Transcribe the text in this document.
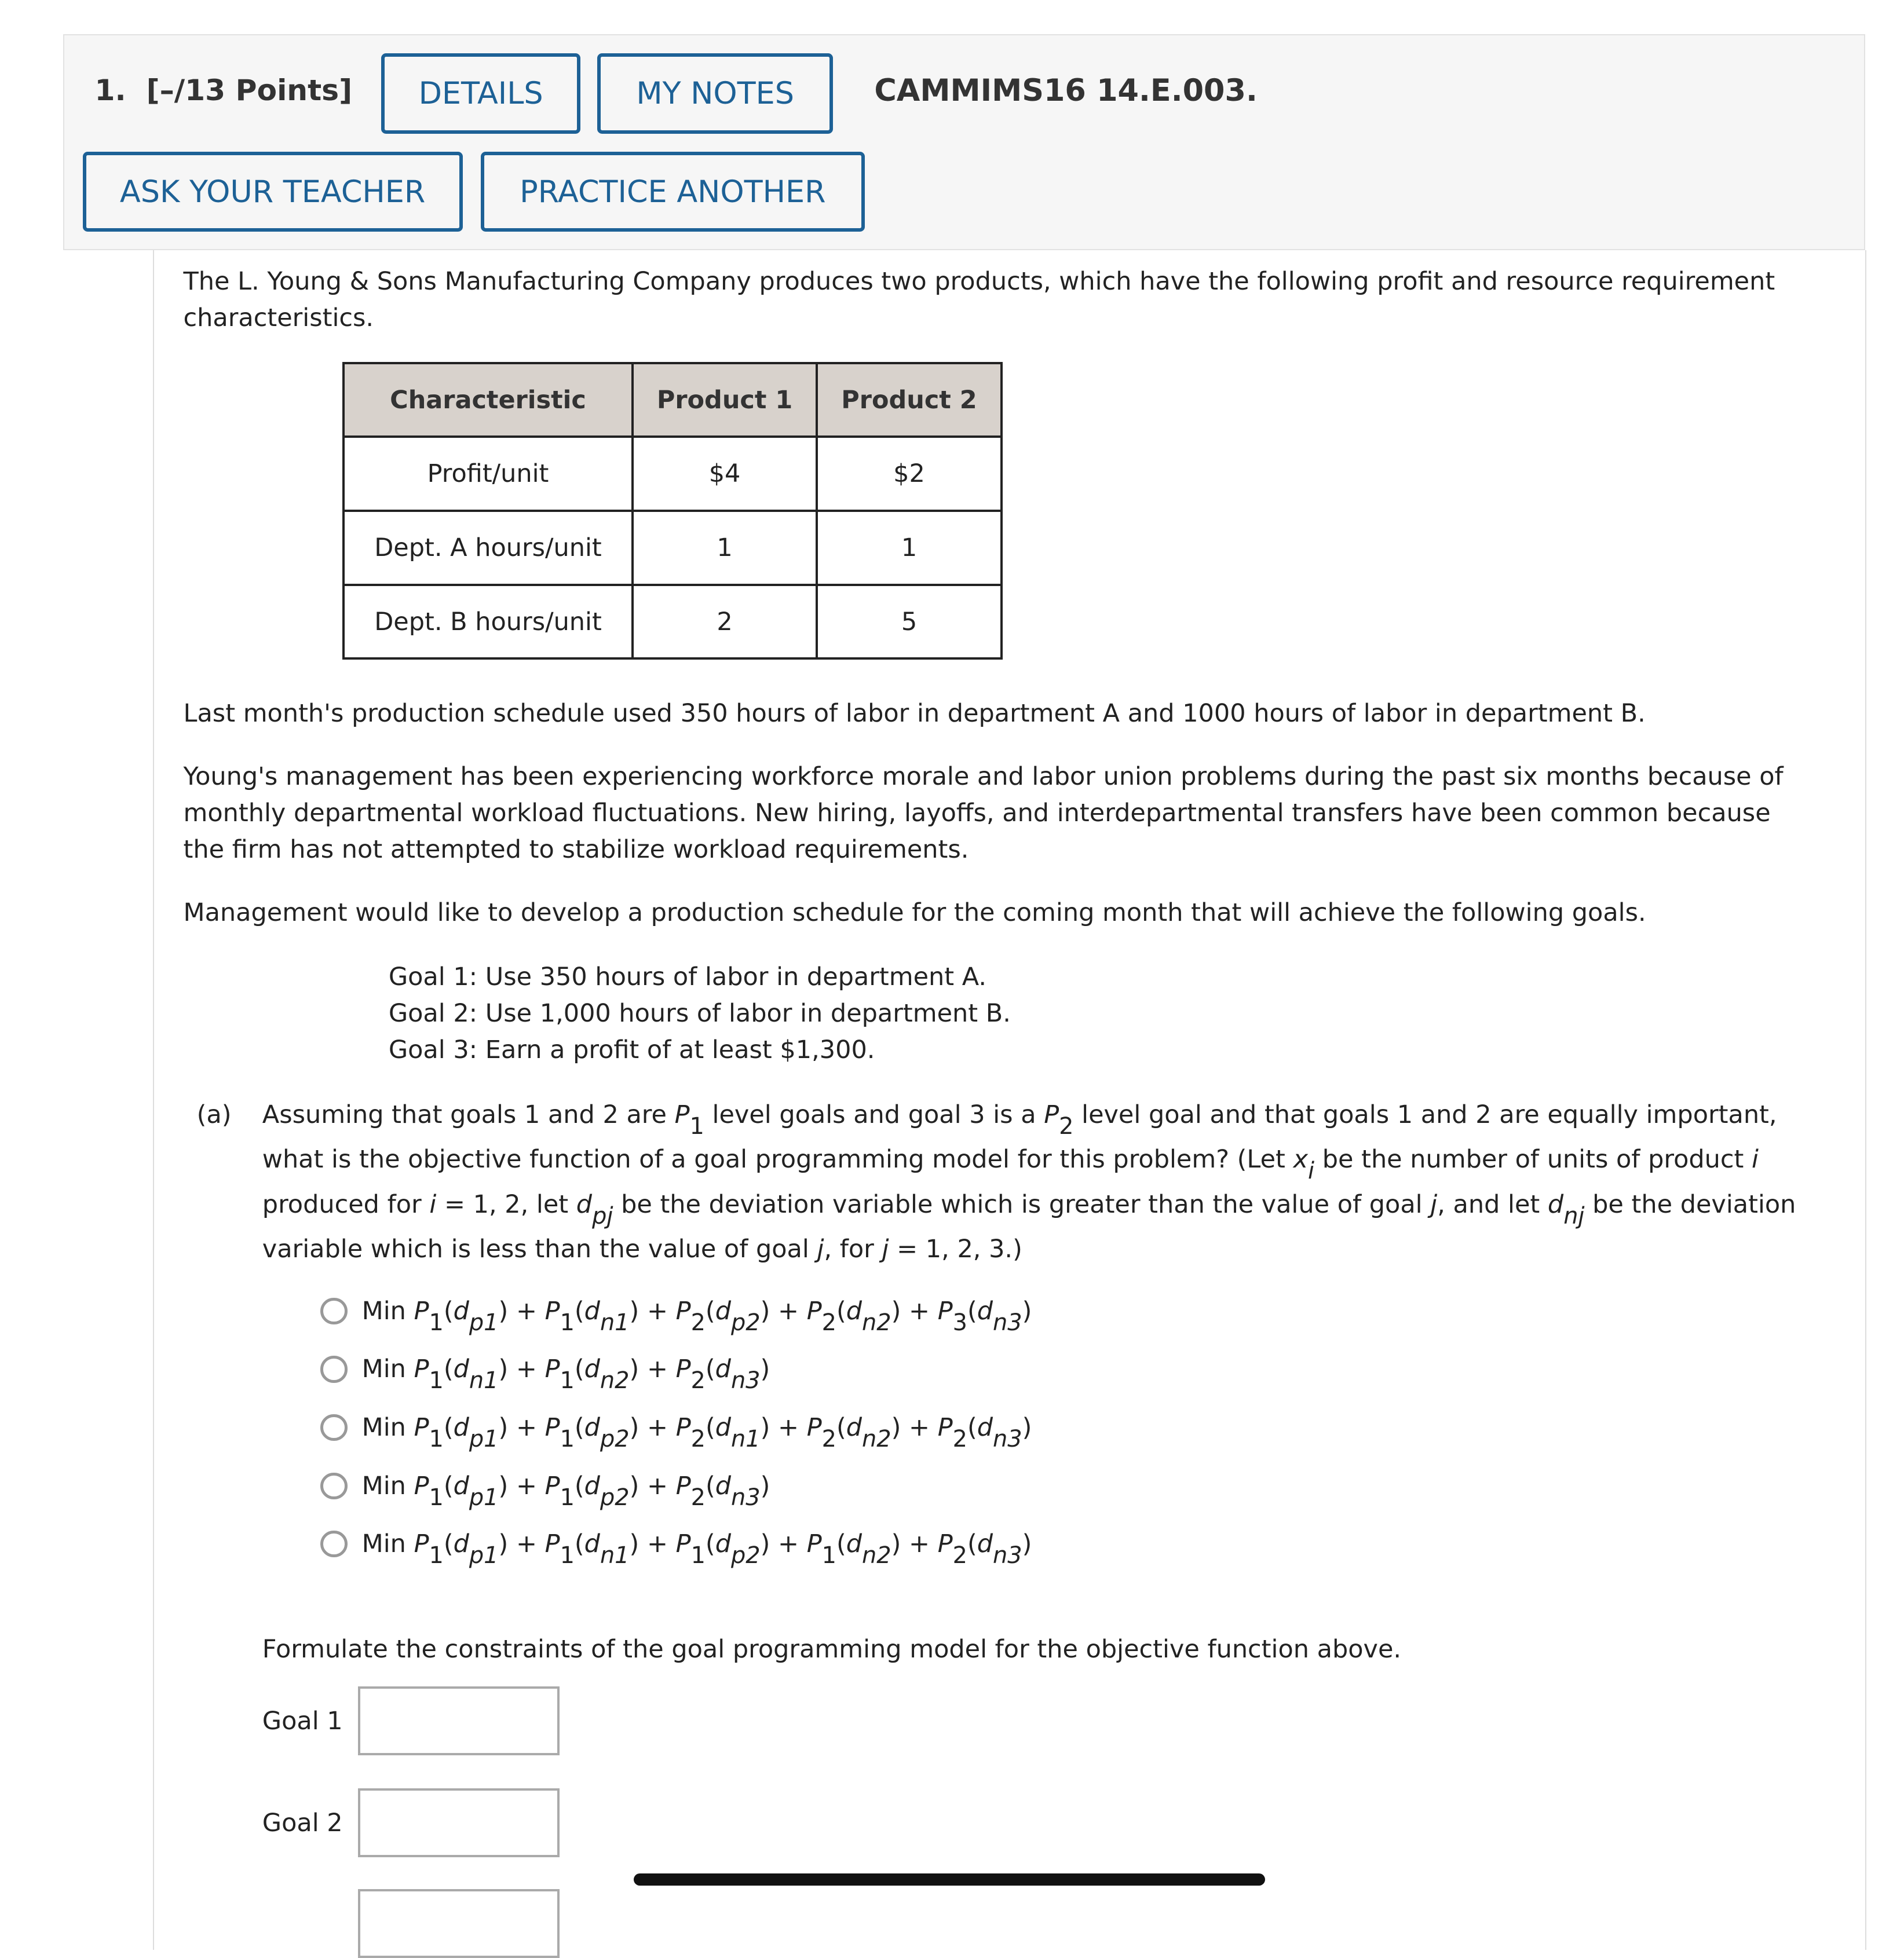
1. [–/13 Points]	DETAILS	MY NOTES	CAMMIMS16 14.E.003.
ASK YOUR TEACHER	PRACTICE ANOTHER
The L. Young & Sons Manufacturing Company produces two products, which have the following profit and resource requirement characteristics.
Characteristic	Product 1	Product 2
Profit/unit	$4	$2
Dept. A hours/unit	1	1
Dept. B hours/unit	2	5
Last month's production schedule used 350 hours of labor in department A and 1000 hours of labor in department B.
Young's management has been experiencing workforce morale and labor union problems during the past six months because of monthly departmental workload fluctuations. New hiring, layoffs, and interdepartmental transfers have been common because the firm has not attempted to stabilize workload requirements.
Management would like to develop a production schedule for the coming month that will achieve the following goals.
Goal 1: Use 350 hours of labor in department A.
Goal 2: Use 1,000 hours of labor in department B.
Goal 3: Earn a profit of at least $1,300.
(a)	Assuming that goals 1 and 2 are $P_1$ level goals and goal 3 is a $P_2$ level goal and that goals 1 and 2 are equally important, what is the objective function of a goal programming model for this problem? (Let $x_i$ be the number of units of product i produced for i = 1, 2, let $d_{pj}$ be the deviation variable which is greater than the value of goal j, and let $d_{nj}$ be the deviation variable which is less than the value of goal j, for j = 1, 2, 3.)
Min $P_1(d_{p1}) + P_1(d_{n1}) + P_2(d_{p2}) + P_2(d_{n2}) + P_3(d_{n3})$
Min $P_1(d_{n1}) + P_1(d_{n2}) + P_2(d_{n3})$
Min $P_1(d_{p1}) + P_1(d_{p2}) + P_2(d_{n1}) + P_2(d_{n2}) + P_2(d_{n3})$
Min $P_1(d_{p1}) + P_1(d_{p2}) + P_2(d_{n3})$
Min $P_1(d_{p1}) + P_1(d_{n1}) + P_1(d_{p2}) + P_1(d_{n2}) + P_2(d_{n3})$
Formulate the constraints of the goal programming model for the objective function above.
Goal 1
Goal 2
